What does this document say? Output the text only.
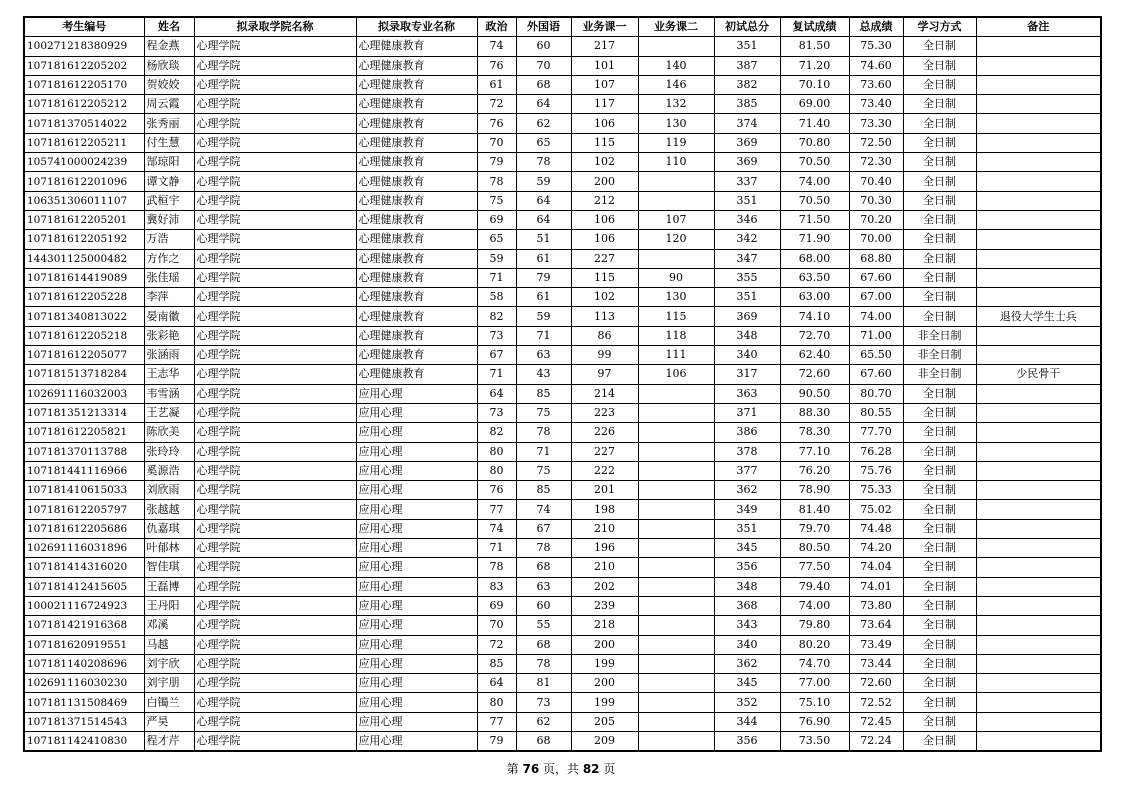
考生编号	姓名	拟录取学院名称	拟录取专业名称	政治	外国语	业务课一	业务课二	初试总分	复试成绩	总成绩	学习方式	备注
100271218380929	程金燕	心理学院	心理健康教育	74	60	217		351	81.50	75.30	全日制	
107181612205202	杨欣琰	心理学院	心理健康教育	76	70	101	140	387	71.20	74.60	全日制	
107181612205170	贺姣姣	心理学院	心理健康教育	61	68	107	146	382	70.10	73.60	全日制	
107181612205212	周云霞	心理学院	心理健康教育	72	64	117	132	385	69.00	73.40	全日制	
107181370514022	张秀丽	心理学院	心理健康教育	76	62	106	130	374	71.40	73.30	全日制	
107181612205211	付生慧	心理学院	心理健康教育	70	65	115	119	369	70.80	72.50	全日制	
105741000024239	郜琼阳	心理学院	心理健康教育	79	78	102	110	369	70.50	72.30	全日制	
107181612201096	谭文静	心理学院	心理健康教育	78	59	200		337	74.00	70.40	全日制	
106351306011107	武桓宇	心理学院	心理健康教育	75	64	212		351	70.50	70.30	全日制	
107181612205201	冀好沛	心理学院	心理健康教育	69	64	106	107	346	71.50	70.20	全日制	
107181612205192	万浩	心理学院	心理健康教育	65	51	106	120	342	71.90	70.00	全日制	
144301125000482	方作之	心理学院	心理健康教育	59	61	227		347	68.00	68.80	全日制	
107181614419089	张佳瑶	心理学院	心理健康教育	71	79	115	90	355	63.50	67.60	全日制	
107181612205228	李萍	心理学院	心理健康教育	58	61	102	130	351	63.00	67.00	全日制	
107181340813022	晏南徽	心理学院	心理健康教育	82	59	113	115	369	74.10	74.00	全日制	退役大学生士兵
107181612205218	张彩艳	心理学院	心理健康教育	73	71	86	118	348	72.70	71.00	非全日制	
107181612205077	张涵雨	心理学院	心理健康教育	67	63	99	111	340	62.40	65.50	非全日制	
107181513718284	王志华	心理学院	心理健康教育	71	43	97	106	317	72.60	67.60	非全日制	少民骨干
102691116032003	韦雪涵	心理学院	应用心理	64	85	214		363	90.50	80.70	全日制	
107181351213314	王艺凝	心理学院	应用心理	73	75	223		371	88.30	80.55	全日制	
107181612205821	陈欣美	心理学院	应用心理	82	78	226		386	78.30	77.70	全日制	
107181370113788	张玲玲	心理学院	应用心理	80	71	227		378	77.10	76.28	全日制	
107181441116966	奚源浩	心理学院	应用心理	80	75	222		377	76.20	75.76	全日制	
107181410615033	刘欣雨	心理学院	应用心理	76	85	201		362	78.90	75.33	全日制	
107181612205797	张越越	心理学院	应用心理	77	74	198		349	81.40	75.02	全日制	
107181612205686	仇嘉琪	心理学院	应用心理	74	67	210		351	79.70	74.48	全日制	
102691116031896	叶郁林	心理学院	应用心理	71	78	196		345	80.50	74.20	全日制	
107181414316020	智佳琪	心理学院	应用心理	78	68	210		356	77.50	74.04	全日制	
107181412415605	王磊博	心理学院	应用心理	83	63	202		348	79.40	74.01	全日制	
100021116724923	王丹阳	心理学院	应用心理	69	60	239		368	74.00	73.80	全日制	
107181421916368	邓溪	心理学院	应用心理	70	55	218		343	79.80	73.64	全日制	
107181620919551	马越	心理学院	应用心理	72	68	200		340	80.20	73.49	全日制	
107181140208696	刘宇欣	心理学院	应用心理	85	78	199		362	74.70	73.44	全日制	
102691116030230	刘宇朋	心理学院	应用心理	64	81	200		345	77.00	72.60	全日制	
107181131508469	白镯兰	心理学院	应用心理	80	73	199		352	75.10	72.52	全日制	
107181371514543	严昊	心理学院	应用心理	77	62	205		344	76.90	72.45	全日制	
107181142410830	程才芹	心理学院	应用心理	79	68	209		356	73.50	72.24	全日制	
第 76 页，共 82 页
